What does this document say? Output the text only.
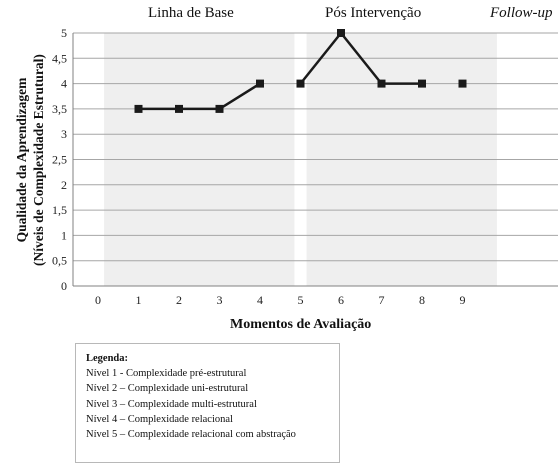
0
0,5
1
1,5
2
2,5
3
3,5
4
4,5
5
0	1	2	3	4	5	6	7	8	9
Linha de Base	Pós Intervenção	Follow-up
Qualidade da Aprendizagem (Níveis de Complexidade Estrutural)
Momentos de Avaliação
Legenda:
Nível 1 - Complexidade pré-estrutural
Nível 2 – Complexidade uni-estrutural
Nível 3 – Complexidade multi-estrutural
Nível 4 – Complexidade relacional
Nível 5 – Complexidade relacional com abstração
